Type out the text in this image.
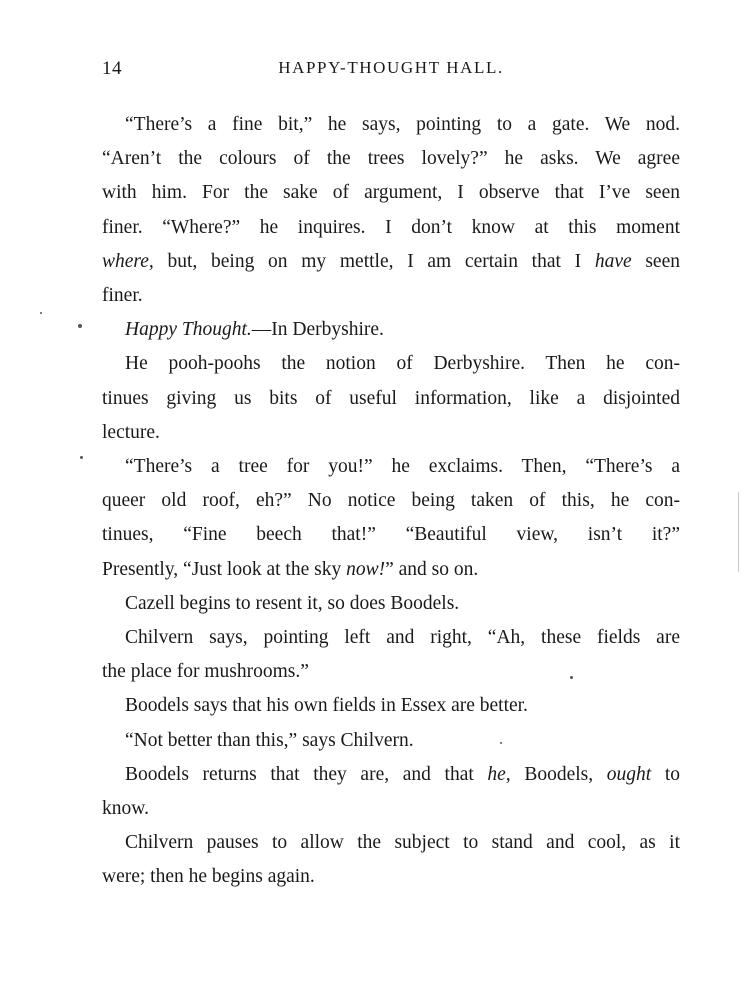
14	HAPPY-THOUGHT HALL.
“There’s a fine bit,” he says, pointing to a gate. We nod.
“Aren’t the colours of the trees lovely?” he asks. We agree
with him. For the sake of argument, I observe that I’ve seen
finer. “Where?” he inquires. I don’t know at this moment
where, but, being on my mettle, I am certain that I have seen
finer.
Happy Thought.—In Derbyshire.
He pooh-poohs the notion of Derbyshire. Then he con-
tinues giving us bits of useful information, like a disjointed
lecture.
“There’s a tree for you!” he exclaims. Then, “There’s a
queer old roof, eh?” No notice being taken of this, he con-
tinues, “Fine beech that!” “Beautiful view, isn’t it?”
Presently, “Just look at the sky now!” and so on.
Cazell begins to resent it, so does Boodels.
Chilvern says, pointing left and right, “Ah, these fields are
the place for mushrooms.”
Boodels says that his own fields in Essex are better.
“Not better than this,” says Chilvern.
Boodels returns that they are, and that he, Boodels, ought to
know.
Chilvern pauses to allow the subject to stand and cool, as it
were; then he begins again.
